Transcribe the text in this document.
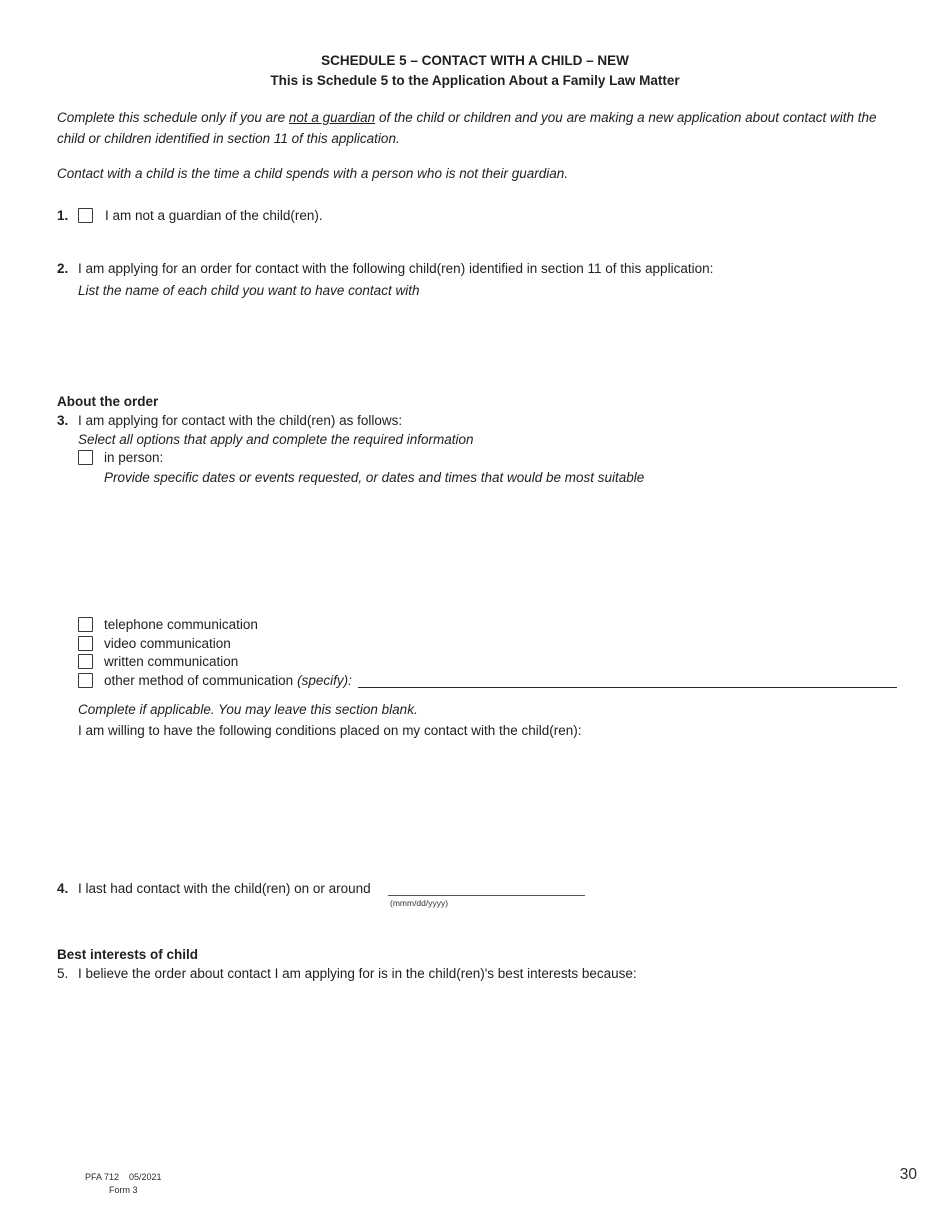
SCHEDULE 5 – CONTACT WITH A CHILD – NEW
This is Schedule 5 to the Application About a Family Law Matter
Complete this schedule only if you are not a guardian of the child or children and you are making a new application about contact with the child or children identified in section 11 of this application.
Contact with a child is the time a child spends with a person who is not their guardian.
1.	I am not a guardian of the child(ren).
2. I am applying for an order for contact with the following child(ren) identified in section 11 of this application:
List the name of each child you want to have contact with
About the order
3. I am applying for contact with the child(ren) as follows:
Select all options that apply and complete the required information
in person:
Provide specific dates or events requested, or dates and times that would be most suitable
telephone communication
video communication
written communication
other method of communication (specify):
Complete if applicable. You may leave this section blank.
I am willing to have the following conditions placed on my contact with the child(ren):
4. I last had contact with the child(ren) on or around
(mmm/dd/yyyy)
Best interests of child
5. I believe the order about contact I am applying for is in the child(ren)'s best interests because:
PFA 712 05/2021
Form 3
30
